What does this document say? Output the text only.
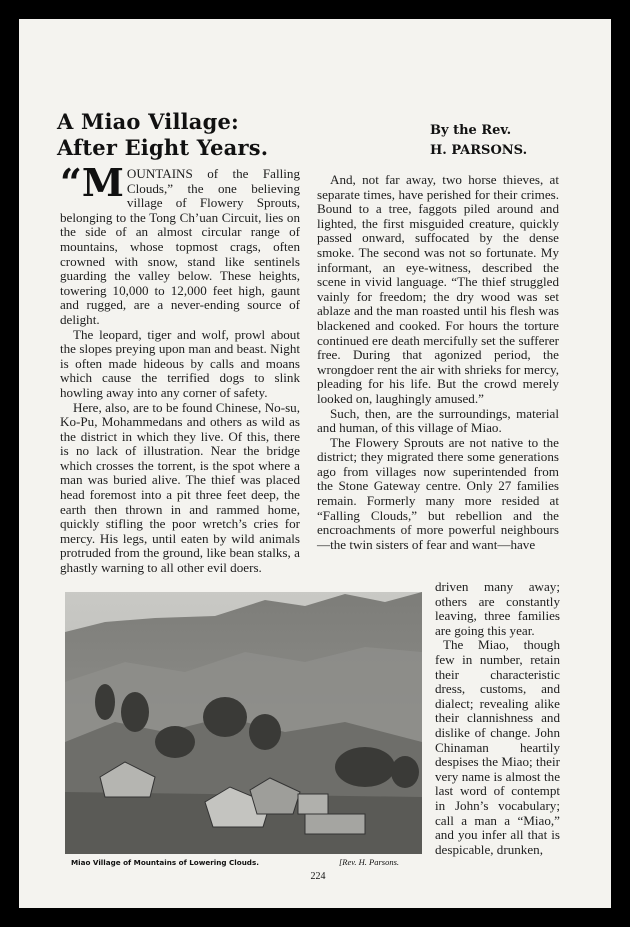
A Miao Village:
After Eight Years.
By the Rev.
H. PARSONS.

“MOUNTAINS of the Falling Clouds,” the one believing village of Flowery Sprouts, belonging to the Tong Ch’uan Circuit, lies on the side of an almost circular range of mountains, whose topmost crags, often crowned with snow, stand like sentinels guarding the valley below. These heights, towering 10,000 to 12,000 feet high, gaunt and rugged, are a never-ending source of delight.

The leopard, tiger and wolf, prowl about the slopes preying upon man and beast. Night is often made hideous by calls and moans which cause the terrified dogs to slink howling away into any corner of safety.

Here, also, are to be found Chinese, No-su, Ko-Pu, Mohammedans and others as wild as the district in which they live. Of this, there is no lack of illustration. Near the bridge which crosses the torrent, is the spot where a man was buried alive. The thief was placed head foremost into a pit three feet deep, the earth then thrown in and rammed home, quickly stifling the poor wretch’s cries for mercy. His legs, until eaten by wild animals protruded from the ground, like bean stalks, a ghastly warning to all other evil doers.

And, not far away, two horse thieves, at separate times, have perished for their crimes. Bound to a tree, faggots piled around and lighted, the first misguided creature, quickly passed onward, suffocated by the dense smoke. The second was not so fortunate. My informant, an eye-witness, described the scene in vivid language. “The thief struggled vainly for freedom; the dry wood was set ablaze and the man roasted until his flesh was blackened and cooked. For hours the torture continued ere death mercifully set the sufferer free. During that agonized period, the wrongdoer rent the air with shrieks for mercy, pleading for his life. But the crowd merely looked on, laughingly amused.”

Such, then, are the surroundings, material and human, of this village of Miao.

The Flowery Sprouts are not native to the district; they migrated there some generations ago from villages now superintended from the Stone Gateway centre. Only 27 families remain. Formerly many more resided at “Falling Clouds,” but rebellion and the encroachments of more powerful neighbours—the twin sisters of fear and want—have

driven many away; others are constantly leaving, three families are going this year.

The Miao, though few in number, retain their characteristic dress, customs, and dialect; revealing alike their clannishness and dislike of change. John Chinaman heartily despises the Miao; their very name is almost the last word of contempt in John’s vocabulary; call a man a “Miao,” and you infer all that is despicable, drunken,

Miao Village of Mountains of Lowering Clouds.	[Rev. H. Parsons.
224
